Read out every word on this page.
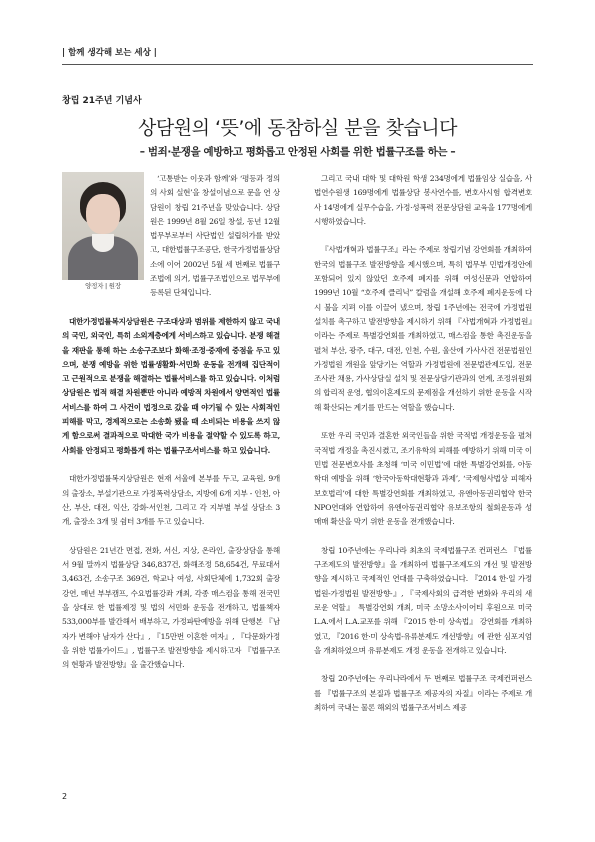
| 함께 생각해 보는 세상 |
창립 21주년 기념사
상담원의 ‘뜻’에 동참하실 분을 찾습니다
– 범죄·분쟁을 예방하고 평화롭고 안정된 사회를 위한 법률구조를 하는 –
양정자 | 원장

‘고통받는 이웃과 함께’와 ‘평등과 정의의 사회 실현’을 창설이념으로 문을 연 상담원이 창립 21주년을 맞았습니다. 상담원은 1999년 8월 26일 창설, 동년 12월 법무부로부터 사단법인 설립허가를 받았고, 대한법률구조공단, 한국가정법률상담소에 이어 2002년 5월 세 번째로 법률구조법에 의거, 법률구조법인으로 법무부에 등록된 단체입니다.

대한가정법률복지상담원은 구조대상과 범위를 제한하지 않고 국내의 국민, 외국인, 특히 소외계층에게 서비스하고 있습니다. 분쟁 해결을 재판을 통해 하는 소송구조보다 화해·조정·중재에 중점을 두고 있으며, 분쟁 예방을 위한 법률생활화·서민화 운동을 전개해 집단적이고 근원적으로 분쟁을 해결하는 법률서비스를 하고 있습니다. 이처럼 상담원은 법적 해결 차원뿐만 아니라 예방적 차원에서 양면적인 법률서비스를 하여 그 사건이 법정으로 갔을 때 야기될 수 있는 사회적인 피해를 막고, 경제적으로는 소송화 됐을 때 소비되는 비용을 쓰지 않게 함으로써 결과적으로 막대한 국가 비용을 절약할 수 있도록 하고, 사회를 안정되고 평화롭게 하는 법률구조서비스를 하고 있습니다.

대한가정법률복지상담원은 현재 서울에 본부를 두고, 교육원, 9개의 출장소, 부설기관으로 가정폭력상담소, 지방에 6개 지부 - 인천, 아산, 부산, 대전, 익산, 강화·서인천, 그리고 각 지부별 부설 상담소 3개, 출장소 3개 및 쉼터 3개를 두고 있습니다.

상담원은 21년간 면접, 전화, 서신, 지상, 온라인, 출장상담을 통해서 9월 말까지 법률상담 346,837건, 화해조정 58,654건, 무료대서 3,463건, 소송구조 369건, 학교나 여성, 사회단체에 1,732회 출장강연, 매년 부부캠프, 수요법률강좌 개최, 각종 매스컴을 통해 전국민을 상대로 한 법률제정 및 법의 서민화 운동을 전개하고, 법률책자 533,000부를 발간해서 배부하고, 가정파탄예방을 위해 단행본 『남자가 변해야 남자가 산다』, 『15만번 이혼한 여자』, 『다문화가정을 위한 법률가이드』, 법률구조 발전방향을 제시하고자 『법률구조의 현황과 발전방향』을 출간했습니다.

그리고 국내 대학 및 대학원 학생 234명에게 법률임상 실습을, 사법연수원생 169명에게 법률상담 봉사연수를, 변호사시험 합격변호사 14명에게 실무수습을, 가정·성폭력 전문상담원 교육을 177명에게 시행하였습니다.

『사법개혁과 법률구조』라는 주제로 창립기념 강연회를 개최하여 한국의 법률구조 발전방향을 제시했으며, 특히 법무부 민법개정안에 포함되어 있지 않았던 호주제 폐지를 위해 여성신문과 연합하여 1999년 10월 “호주제 클리닉” 칼럼을 개설해 호주제 폐지운동에 다시 불을 지펴 이를 이끌어 냈으며, 창립 1주년에는 전국에 가정법원 설치를 촉구하고 발전방향을 제시하기 위해 『사법개혁과 가정법원』이라는 주제로 특별강연회를 개최하였고, 매스컴을 통한 촉진운동을 펼쳐 부산, 광주, 대구, 대전, 인천, 수원, 울산에 가사사건 전문법원인 가정법원 개원을 앞당기는 역할과 가정법원에 전문법관제도입, 전문조사관 채용, 가사상담실 설치 및 전문상담기관과의 연계, 조정위원회의 합리적 운영, 협의이혼제도의 문제점을 개선하기 위한 운동을 시작해 확산되는 계기를 만드는 역할을 했습니다.

또한 우리 국민과 결혼한 외국인들을 위한 국적법 개정운동을 펼쳐 국적법 개정을 촉진시켰고, 조기유학의 피해를 예방하기 위해 미국 이민법 전문변호사를 초청해 ‘미국 이민법’에 대한 특별강연회를, 아동학대 예방을 위해 ‘한국아동학대현황과 과제’, ‘국제형사법상 피해자 보호법리’에 대한 특별강연회를 개최하였고, 유엔아동권리협약 한국 NPO연대와 연합하여 유엔아동권리협약 유보조항의 철회운동과 성매매 확산을 막기 위한 운동을 전개했습니다.

창립 10주년에는 우리나라 최초의 국제법률구조 컨퍼런스 『법률구조제도의 발전방향』을 개최하여 법률구조제도의 개선 및 발전방향을 제시하고 국제적인 연대를 구축하였습니다. 『2014 한·일 가정법원-가정법원 발전방향-』, 『국제사회의 급격한 변화와 우리의 새로운 역할』 특별강연회 개최, 미국 소망소사이어티 후원으로 미국 L.A.에서 L.A.교포를 위해 『2015 한·미 상속법』 강연회를 개최하였고, 『2016 한·미 상속법-유류분제도 개선방향』에 관한 심포지엄을 개최하였으며 유류분제도 개정 운동을 전개하고 있습니다.

창립 20주년에는 우리나라에서 두 번째로 법률구조 국제컨퍼런스를 『법률구조의 본질과 법률구조 제공자의 자질』이라는 주제로 개최하여 국내는 물론 해외의 법률구조서비스 제공

2
